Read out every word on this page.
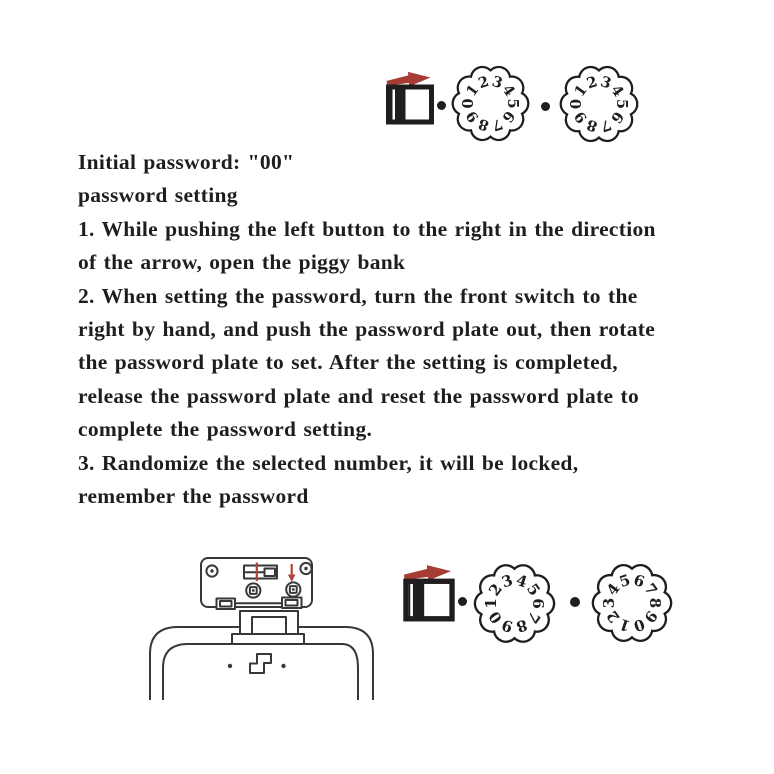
0
1
2
3
4
5
6
7
8
9
0
1
2
3
4
5
6
7
8
9

Initial password: "00"

password setting

1. While pushing the left button to the right in the direction

of the arrow, open the piggy bank

2. When setting the password, turn the front switch to the

right by hand, and push the password plate out, then rotate

the password plate to set. After the setting is completed,

release the password plate and reset the password plate to

complete the password setting.

3. Randomize the selected number, it will be locked,

remember the password

1
2
3
4
5
6
7
8
9
0
3
4
5
6
7
8
9
0
1
2
